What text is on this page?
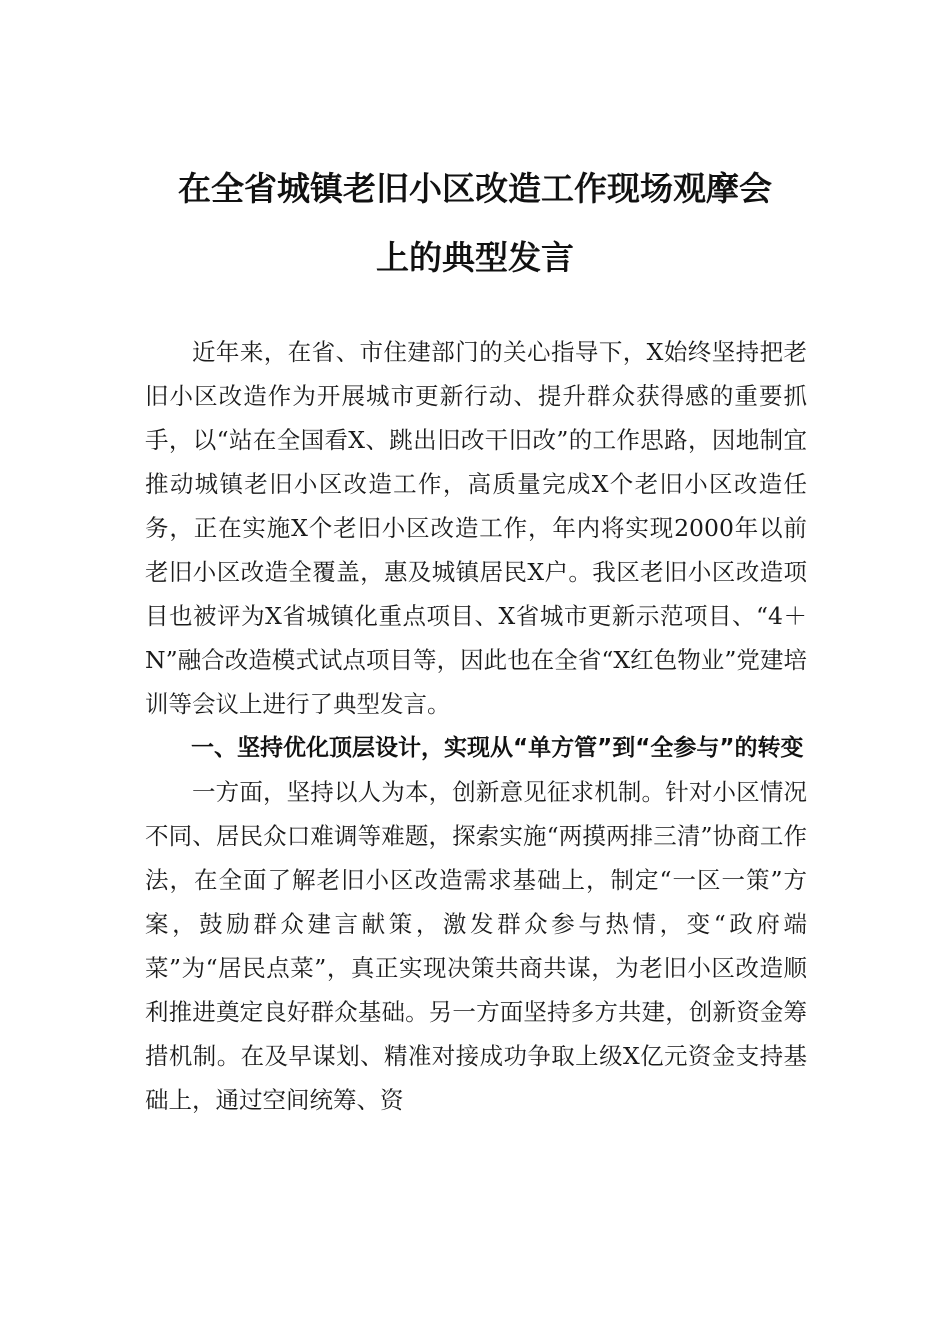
在全省城镇老旧小区改造工作现场观摩会
上的典型发言

近年来，在省、市住建部门的关心指导下，X始终坚持把老旧小区改造作为开展城市更新行动、提升群众获得感的重要抓手，以“站在全国看X、跳出旧改干旧改”的工作思路，因地制宜推动城镇老旧小区改造工作，高质量完成X个老旧小区改造任务，正在实施X个老旧小区改造工作，年内将实现2000年以前老旧小区改造全覆盖，惠及城镇居民X户。我区老旧小区改造项目也被评为X省城镇化重点项目、X省城市更新示范项目、“4＋N”融合改造模式试点项目等，因此也在全省“X红色物业”党建培训等会议上进行了典型发言。

一、坚持优化顶层设计，实现从“单方管”到“全参与”的转变

一方面，坚持以人为本，创新意见征求机制。针对小区情况不同、居民众口难调等难题，探索实施“两摸两排三清”协商工作法，在全面了解老旧小区改造需求基础上，制定“一区一策”方案，鼓励群众建言献策，激发群众参与热情，变“政府端菜”为“居民点菜”，真正实现决策共商共谋，为老旧小区改造顺利推进奠定良好群众基础。另一方面坚持多方共建，创新资金筹措机制。在及早谋划、精准对接成功争取上级X亿元资金支持基础上，通过空间统筹、资
